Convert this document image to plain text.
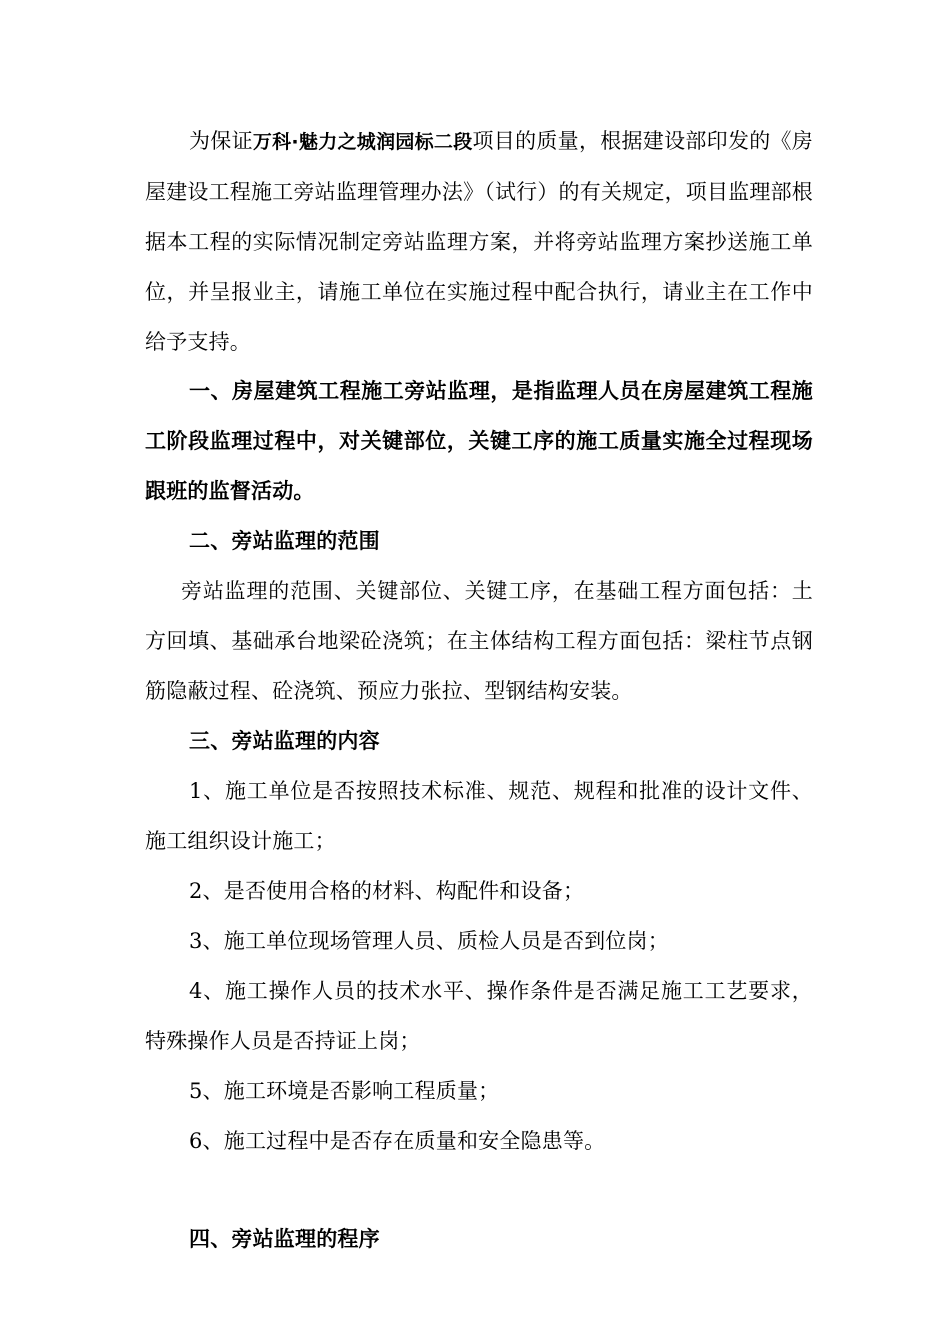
为保证万科·魅力之城润园标二段项目的质量，根据建设部印发的《房屋建设工程施工旁站监理管理办法》（试行）的有关规定，项目监理部根据本工程的实际情况制定旁站监理方案，并将旁站监理方案抄送施工单位，并呈报业主，请施工单位在实施过程中配合执行，请业主在工作中给予支持。

一、房屋建筑工程施工旁站监理，是指监理人员在房屋建筑工程施工阶段监理过程中，对关键部位，关键工序的施工质量实施全过程现场跟班的监督活动。

二、旁站监理的范围

旁站监理的范围、关键部位、关键工序，在基础工程方面包括：土方回填、基础承台地梁砼浇筑；在主体结构工程方面包括：梁柱节点钢筋隐蔽过程、砼浇筑、预应力张拉、型钢结构安装。

三、旁站监理的内容

1、施工单位是否按照技术标准、规范、规程和批准的设计文件、施工组织设计施工；

2、是否使用合格的材料、构配件和设备；

3、施工单位现场管理人员、质检人员是否到位岗；

4、施工操作人员的技术水平、操作条件是否满足施工工艺要求，特殊操作人员是否持证上岗；

5、施工环境是否影响工程质量；

6、施工过程中是否存在质量和安全隐患等。

四、旁站监理的程序
